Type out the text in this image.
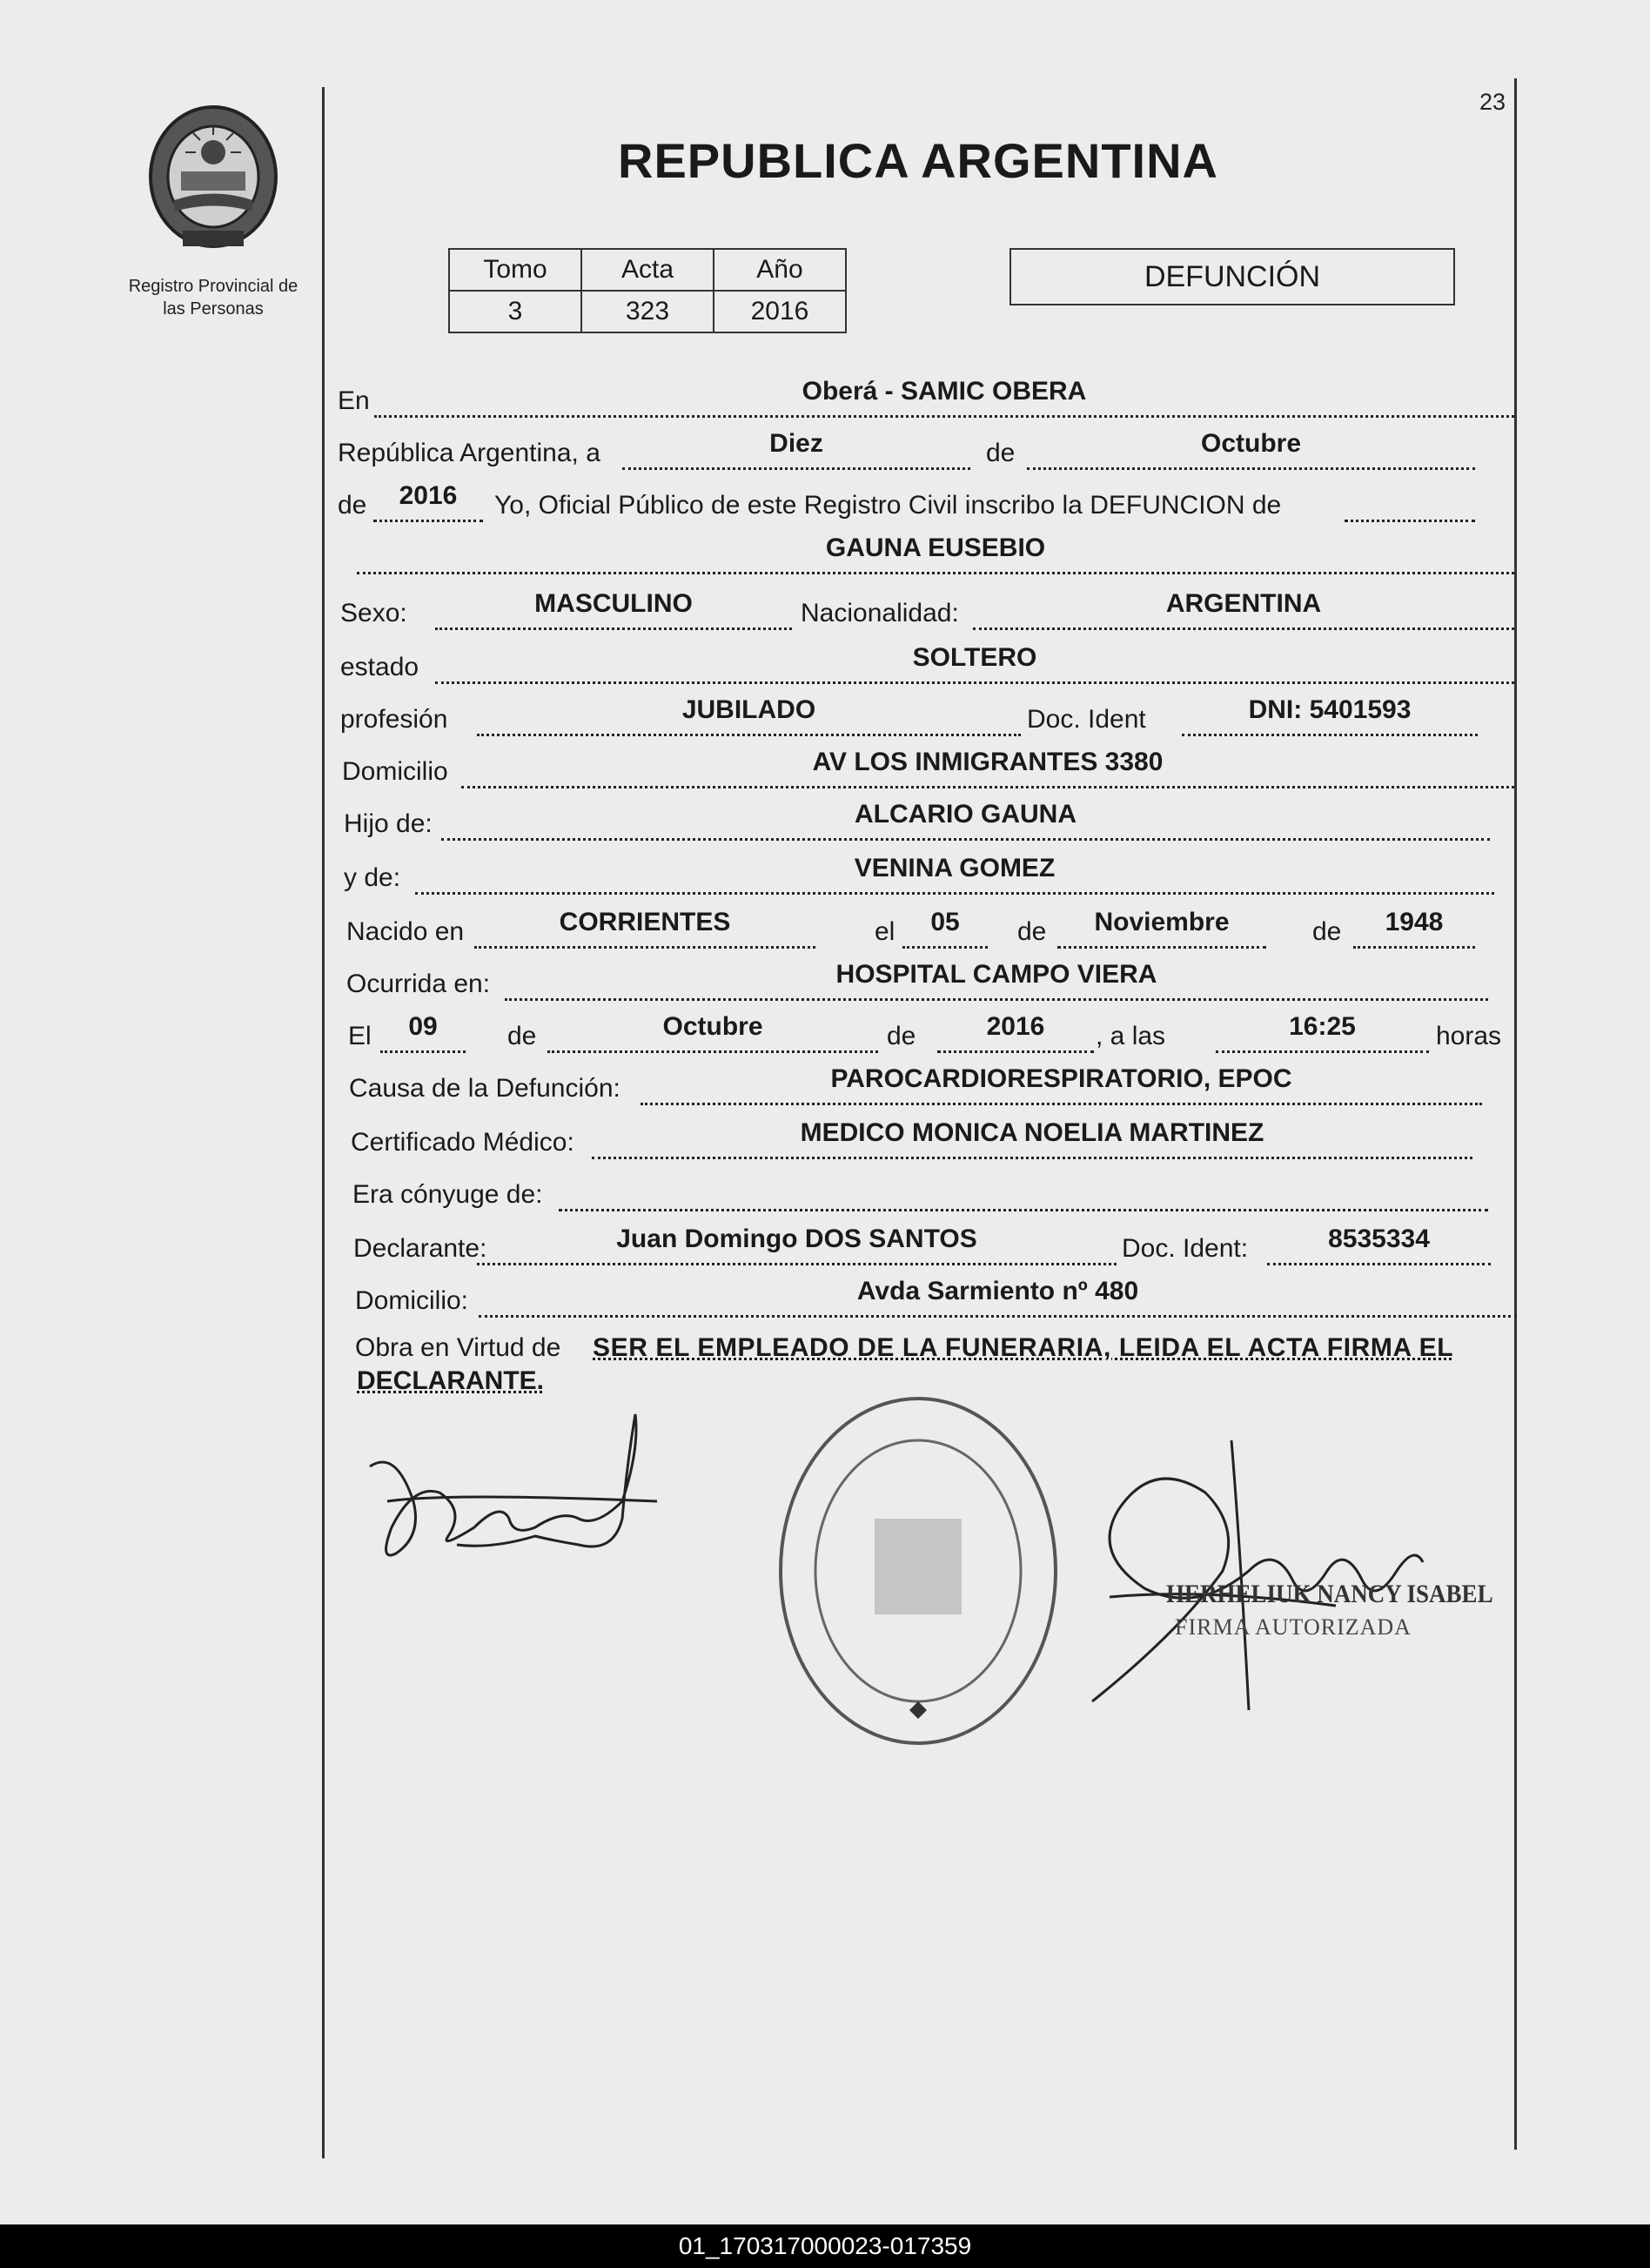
23
Registro Provincial de
las Personas
REPUBLICA ARGENTINA
Tomo	Acta	Año
3	323	2016
DEFUNCIÓN
En	Oberá - SAMIC OBERA
República Argentina, a	Diez	de	Octubre
de	2016	Yo, Oficial Público de este Registro Civil inscribo la DEFUNCION de
GAUNA EUSEBIO
Sexo:	MASCULINO	Nacionalidad:	ARGENTINA
estado	SOLTERO
profesión	JUBILADO	Doc. Ident	DNI: 5401593
Domicilio	AV LOS INMIGRANTES 3380
Hijo de:	ALCARIO GAUNA
y de:	VENINA GOMEZ
Nacido en	CORRIENTES	el	05	de	Noviembre	de	1948
Ocurrida en:	HOSPITAL CAMPO VIERA
El	09	de	Octubre	de	2016	, a las	16:25	horas
Causa de la Defunción:	PAROCARDIORESPIRATORIO, EPOC
Certificado Médico:	MEDICO MONICA NOELIA MARTINEZ
Era cónyuge de:
Declarante:	Juan Domingo DOS SANTOS	Doc. Ident:	8535334
Domicilio:	Avda Sarmiento nº 480
Obra en Virtud de SER EL EMPLEADO DE LA FUNERARIA, LEIDA EL ACTA FIRMA EL
DECLARANTE.
HERHELIUK NANCY ISABEL
FIRMA AUTORIZADA
01_170317000023-017359
